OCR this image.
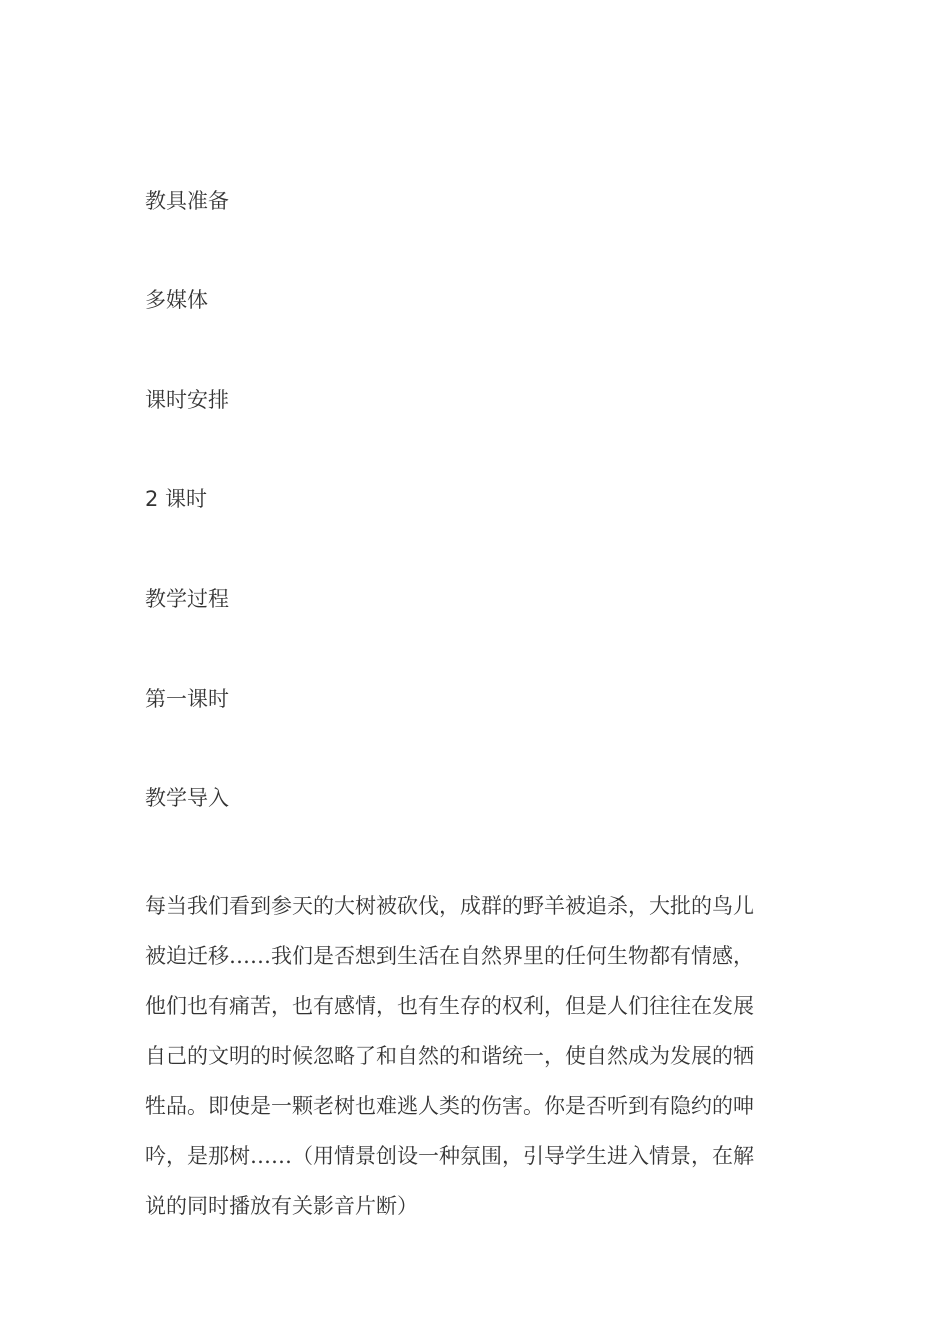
教具准备
多媒体
课时安排
2 课时
教学过程
第一课时
教学导入
每当我们看到参天的大树被砍伐，成群的野羊被追杀，大批的鸟儿
被迫迁移……我们是否想到生活在自然界里的任何生物都有情感，
他们也有痛苦，也有感情，也有生存的权利，但是人们往往在发展
自己的文明的时候忽略了和自然的和谐统一，使自然成为发展的牺
牲品。即使是一颗老树也难逃人类的伤害。你是否听到有隐约的呻
吟，是那树……（用情景创设一种氛围，引导学生进入情景，在解
说的同时播放有关影音片断）
